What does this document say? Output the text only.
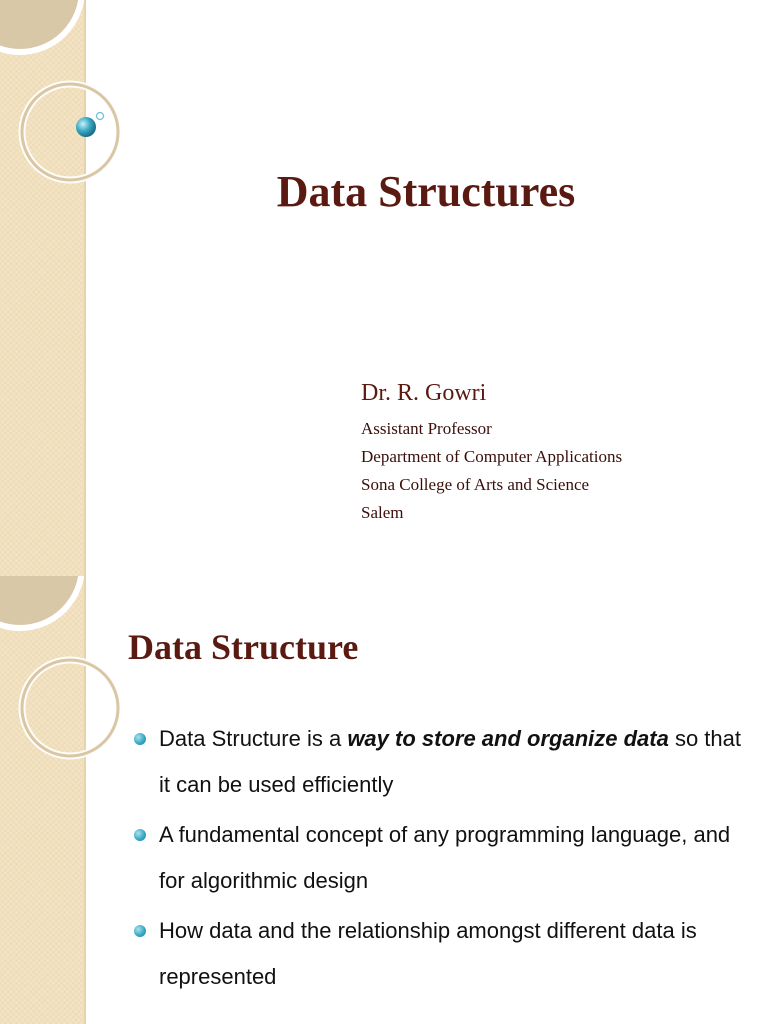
Data Structures

Dr. R. Gowri

Assistant Professor

Department of Computer Applications

Sona College of Arts and Science

Salem

Data Structure
Data Structure is a way to store and organize data so that it can be used efficiently
A fundamental concept of any programming language, and for algorithmic design
How data and the relationship amongst different data is represented
